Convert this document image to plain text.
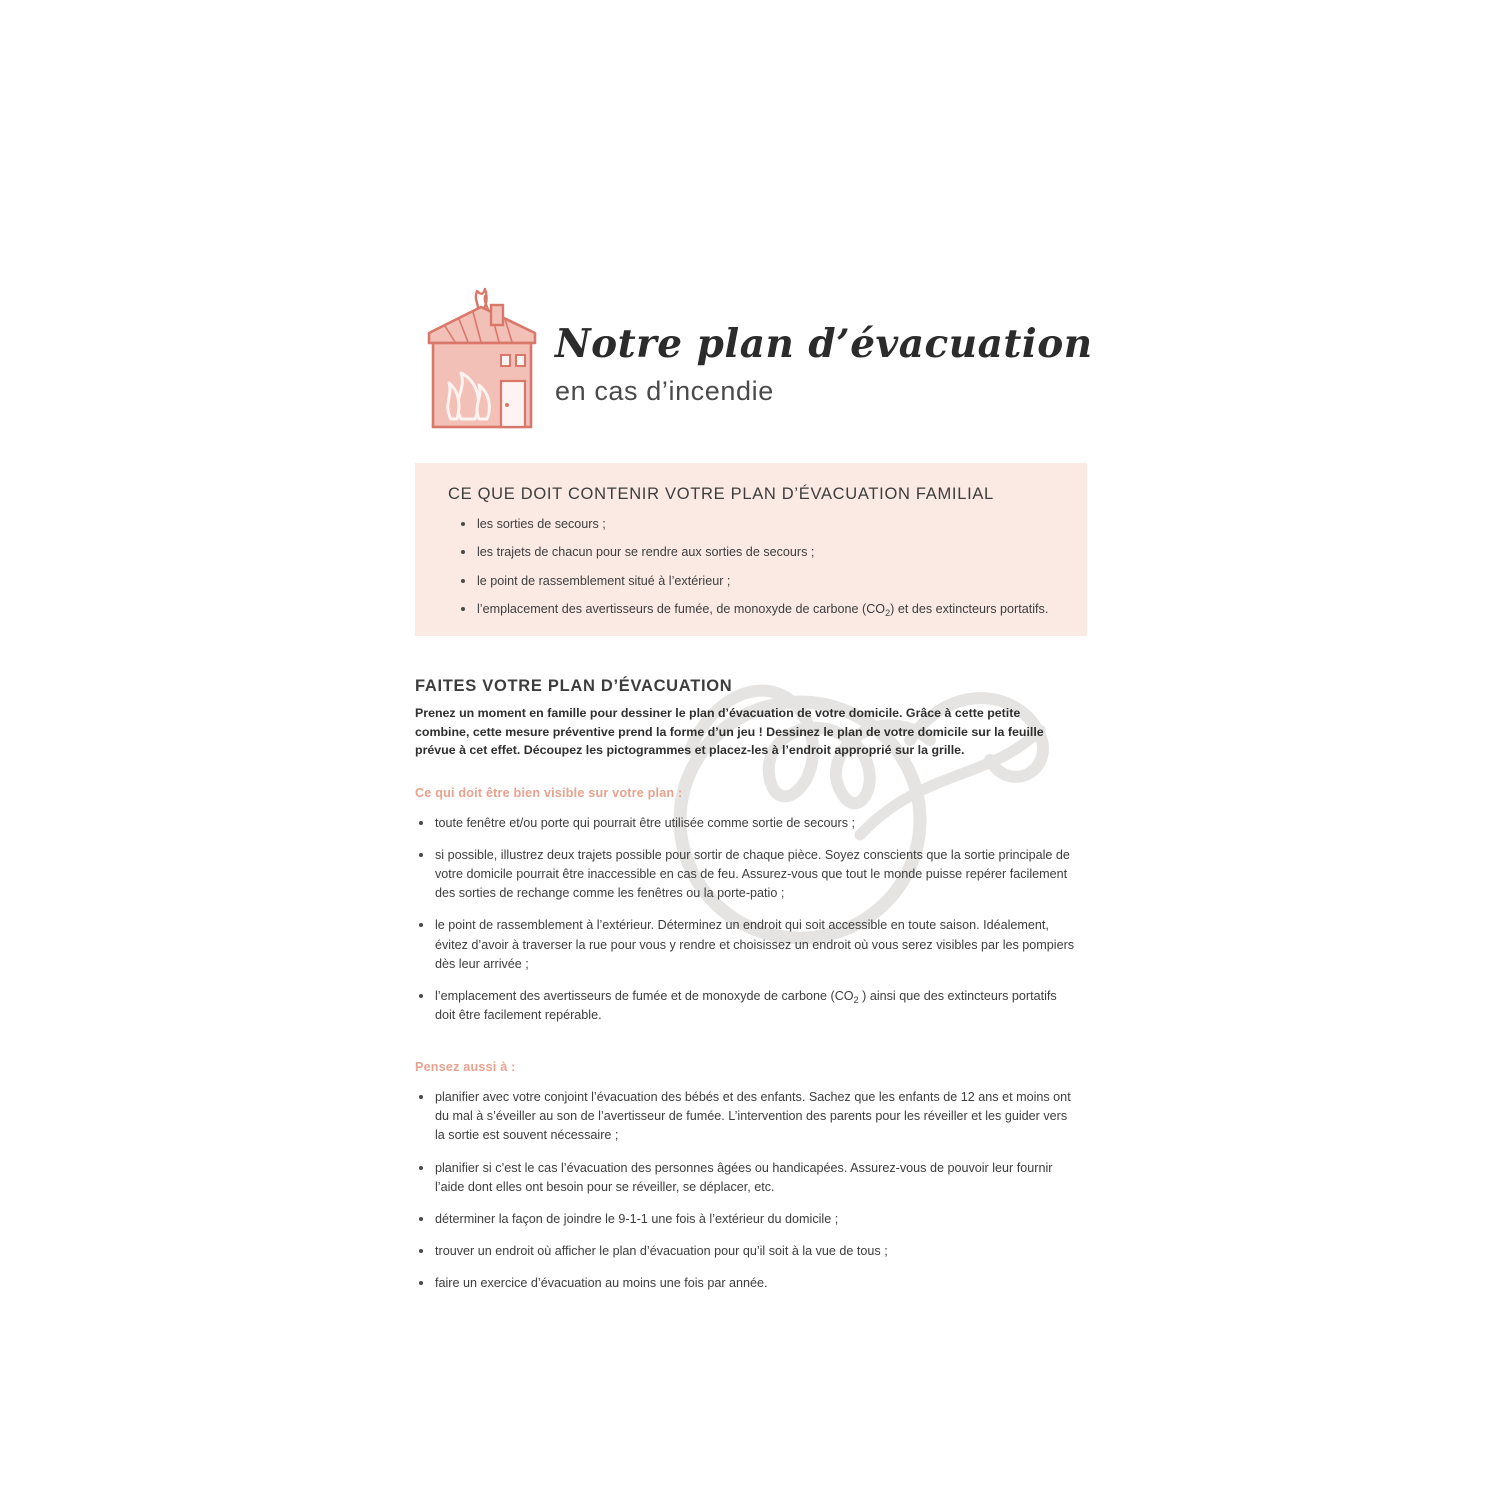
Notre plan d’évacuation
en cas d’incendie
CE QUE DOIT CONTENIR VOTRE PLAN D’ÉVACUATION FAMILIAL
les sorties de secours ;
les trajets de chacun pour se rendre aux sorties de secours ;
le point de rassemblement situé à l’extérieur ;
l’emplacement des avertisseurs de fumée, de monoxyde de carbone $(CO_2)$ et des extincteurs portatifs.
FAITES VOTRE PLAN D’ÉVACUATION

Prenez un moment en famille pour dessiner le plan d’évacuation de votre domicile. Grâce à cette petite combine, cette mesure préventive prend la forme d’un jeu ! Dessinez le plan de votre domicile sur la feuille prévue à cet effet. Découpez les pictogrammes et placez-les à l’endroit approprié sur la grille.

Ce qui doit être bien visible sur votre plan :

toute fenêtre et/ou porte qui pourrait être utilisée comme sortie de secours ;
si possible, illustrez deux trajets possible pour sortir de chaque pièce. Soyez conscients que la sortie principale de votre domicile pourrait être inaccessible en cas de feu. Assurez-vous que tout le monde puisse repérer facilement des sorties de rechange comme les fenêtres ou la porte-patio ;
le point de rassemblement à l’extérieur. Déterminez un endroit qui soit accessible en toute saison. Idéalement, évitez d’avoir à traverser la rue pour vous y rendre et choisissez un endroit où vous serez visibles par les pompiers dès leur arrivée ;
l’emplacement des avertisseurs de fumée et de monoxyde de carbone ($CO_2$ ) ainsi que des extincteurs portatifs doit être facilement repérable.

Pensez aussi à :

planifier avec votre conjoint l’évacuation des bébés et des enfants. Sachez que les enfants de 12 ans et moins ont du mal à s’éveiller au son de l’avertisseur de fumée. L’intervention des parents pour les réveiller et les guider vers la sortie est souvent nécessaire ;
planifier si c’est le cas l’évacuation des personnes âgées ou handicapées. Assurez-vous de pouvoir leur fournir l’aide dont elles ont besoin pour se réveiller, se déplacer, etc.
déterminer la façon de joindre le 9-1-1 une fois à l’extérieur du domicile ;
trouver un endroit où afficher le plan d’évacuation pour qu’il soit à la vue de tous ;
faire un exercice d’évacuation au moins une fois par année.
